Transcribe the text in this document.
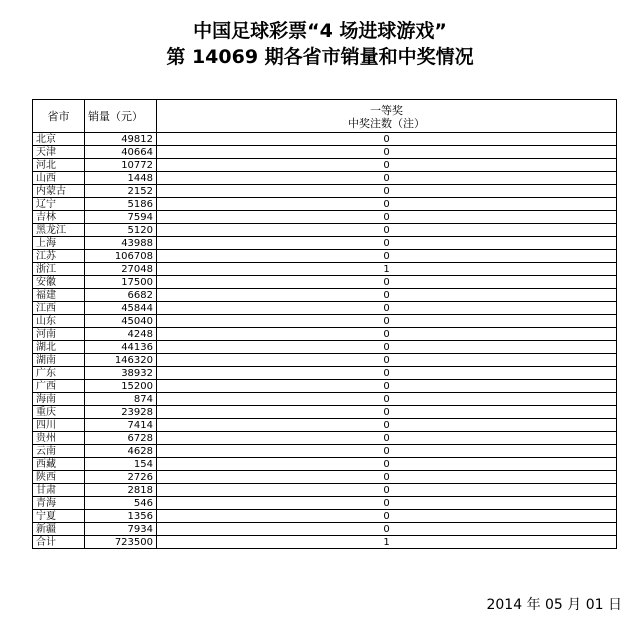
中国足球彩票“4 场进球游戏”
第 14069 期各省市销量和中奖情况
省市	销量（元）	一等奖
中奖注数（注）

北京	49812	0
天津	40664	0
河北	10772	0
山西	1448	0
内蒙古	2152	0
辽宁	5186	0
吉林	7594	0
黑龙江	5120	0
上海	43988	0
江苏	106708	0
浙江	27048	1
安徽	17500	0
福建	6682	0
江西	45844	0
山东	45040	0
河南	4248	0
湖北	44136	0
湖南	146320	0
广东	38932	0
广西	15200	0
海南	874	0
重庆	23928	0
四川	7414	0
贵州	6728	0
云南	4628	0
西藏	154	0
陕西	2726	0
甘肃	2818	0
青海	546	0
宁夏	1356	0
新疆	7934	0
合计	723500	1
2014 年 05 月 01 日
